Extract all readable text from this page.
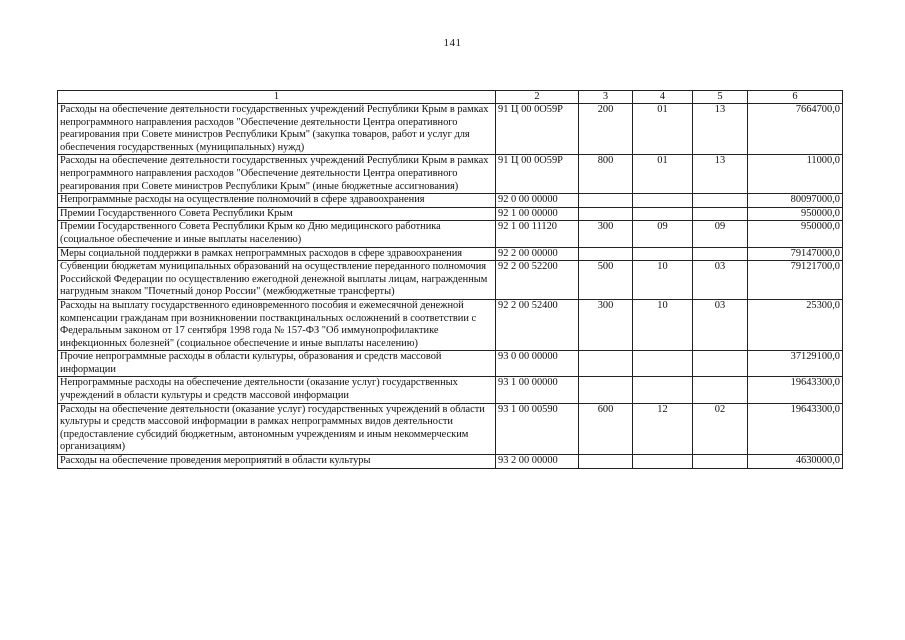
141
1	2	3	4	5	6
Расходы на обеспечение деятельности государственных учреждений Республики Крым в рамках непрограммного направления расходов "Обеспечение деятельности Центра оперативного реагирования при Совете министров Республики Крым" (закупка товаров, работ и услуг для обеспечения государственных (муниципальных) нужд)	91 Ц 00 0О59Р	200	01	13	7664700,0
Расходы на обеспечение деятельности государственных учреждений Республики Крым в рамках непрограммного направления расходов "Обеспечение деятельности Центра оперативного реагирования при Совете министров Республики Крым" (иные бюджетные ассигнования)	91 Ц 00 0О59Р	800	01	13	11000,0
Непрограммные расходы на осуществление полномочий в сфере здравоохранения	92 0 00 00000				80097000,0
Премии Государственного Совета Республики Крым	92 1 00 00000				950000,0
Премии Государственного Совета Республики Крым ко Дню медицинского работника (социальное обеспечение и иные выплаты населению)	92 1 00 11120	300	09	09	950000,0
Меры социальной поддержки в рамках непрограммных расходов в сфере здравоохранения	92 2 00 00000				79147000,0
Субвенции бюджетам муниципальных образований на осуществление переданного полномочия Российской Федерации по осуществлению ежегодной денежной выплаты лицам, награжденным нагрудным знаком "Почетный донор России" (межбюджетные трансферты)	92 2 00 52200	500	10	03	79121700,0
Расходы на выплату государственного единовременного пособия и ежемесячной денежной компенсации гражданам при возникновении поствакцинальных осложнений в соответствии с Федеральным законом от 17 сентября 1998 года № 157-ФЗ "Об иммунопрофилактике инфекционных болезней" (социальное обеспечение и иные выплаты населению)	92 2 00 52400	300	10	03	25300,0
Прочие непрограммные расходы в области культуры, образования и средств массовой информации	93 0 00 00000				37129100,0
Непрограммные расходы на обеспечение деятельности (оказание услуг) государственных учреждений в области культуры и средств массовой информации	93 1 00 00000				19643300,0
Расходы на обеспечение деятельности (оказание услуг) государственных учреждений в области культуры и средств массовой информации в рамках непрограммных видов деятельности (предоставление субсидий бюджетным, автономным учреждениям и иным некоммерческим организациям)	93 1 00 00590	600	12	02	19643300,0
Расходы на обеспечение проведения мероприятий в области культуры	93 2 00 00000				4630000,0
